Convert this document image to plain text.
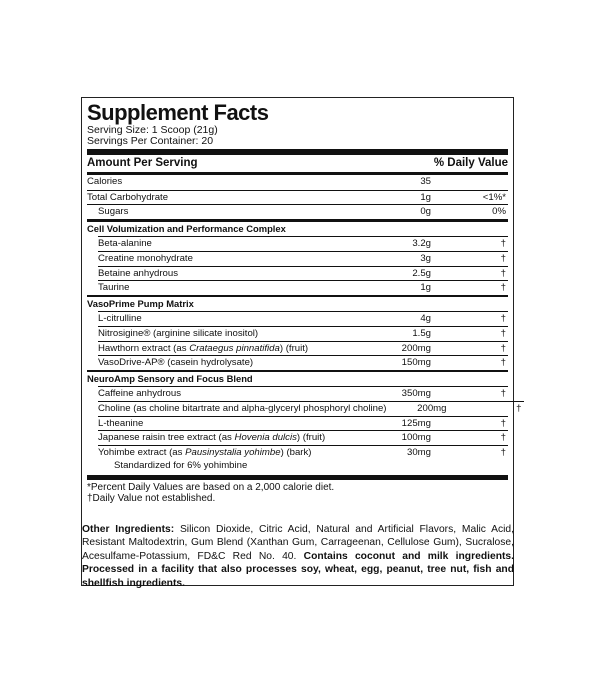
Supplement Facts
Serving Size: 1 Scoop (21g)
Servings Per Container: 20
Amount Per Serving	% Daily Value
Calories	35
Total Carbohydrate	1g	<1%*
Sugars	0g	0%
Cell Volumization and Performance Complex
Beta-alanine	3.2g	†
Creatine monohydrate	3g	†
Betaine anhydrous	2.5g	†
Taurine	1g	†
VasoPrime Pump Matrix
L-citrulline	4g	†
Nitrosigine® (arginine silicate inositol)	1.5g	†
Hawthorn extract (as Crataegus pinnatifida) (fruit)	200mg	†
VasoDrive-AP® (casein hydrolysate)	150mg	†
NeuroAmp Sensory and Focus Blend
Caffeine anhydrous	350mg	†
Choline (as choline bitartrate and alpha-glyceryl phosphoryl choline)	200mg	†
L-theanine	125mg	†
Japanese raisin tree extract (as Hovenia dulcis) (fruit)	100mg	†
Yohimbe extract (as Pausinystalia yohimbe) (bark)	30mg	†
Standardized for 6% yohimbine
*Percent Daily Values are based on a 2,000 calorie diet.
†Daily Value not established.
Other Ingredients: Silicon Dioxide, Citric Acid, Natural and Artificial Flavors, Malic Acid, Resistant Maltodextrin, Gum Blend (Xanthan Gum, Carrageenan, Cellulose Gum), Sucralose, Acesulfame-Potassium, FD&C Red No. 40. Contains coconut and milk ingredients. Processed in a facility that also processes soy, wheat, egg, peanut, tree nut, fish and shellfish ingredients.
